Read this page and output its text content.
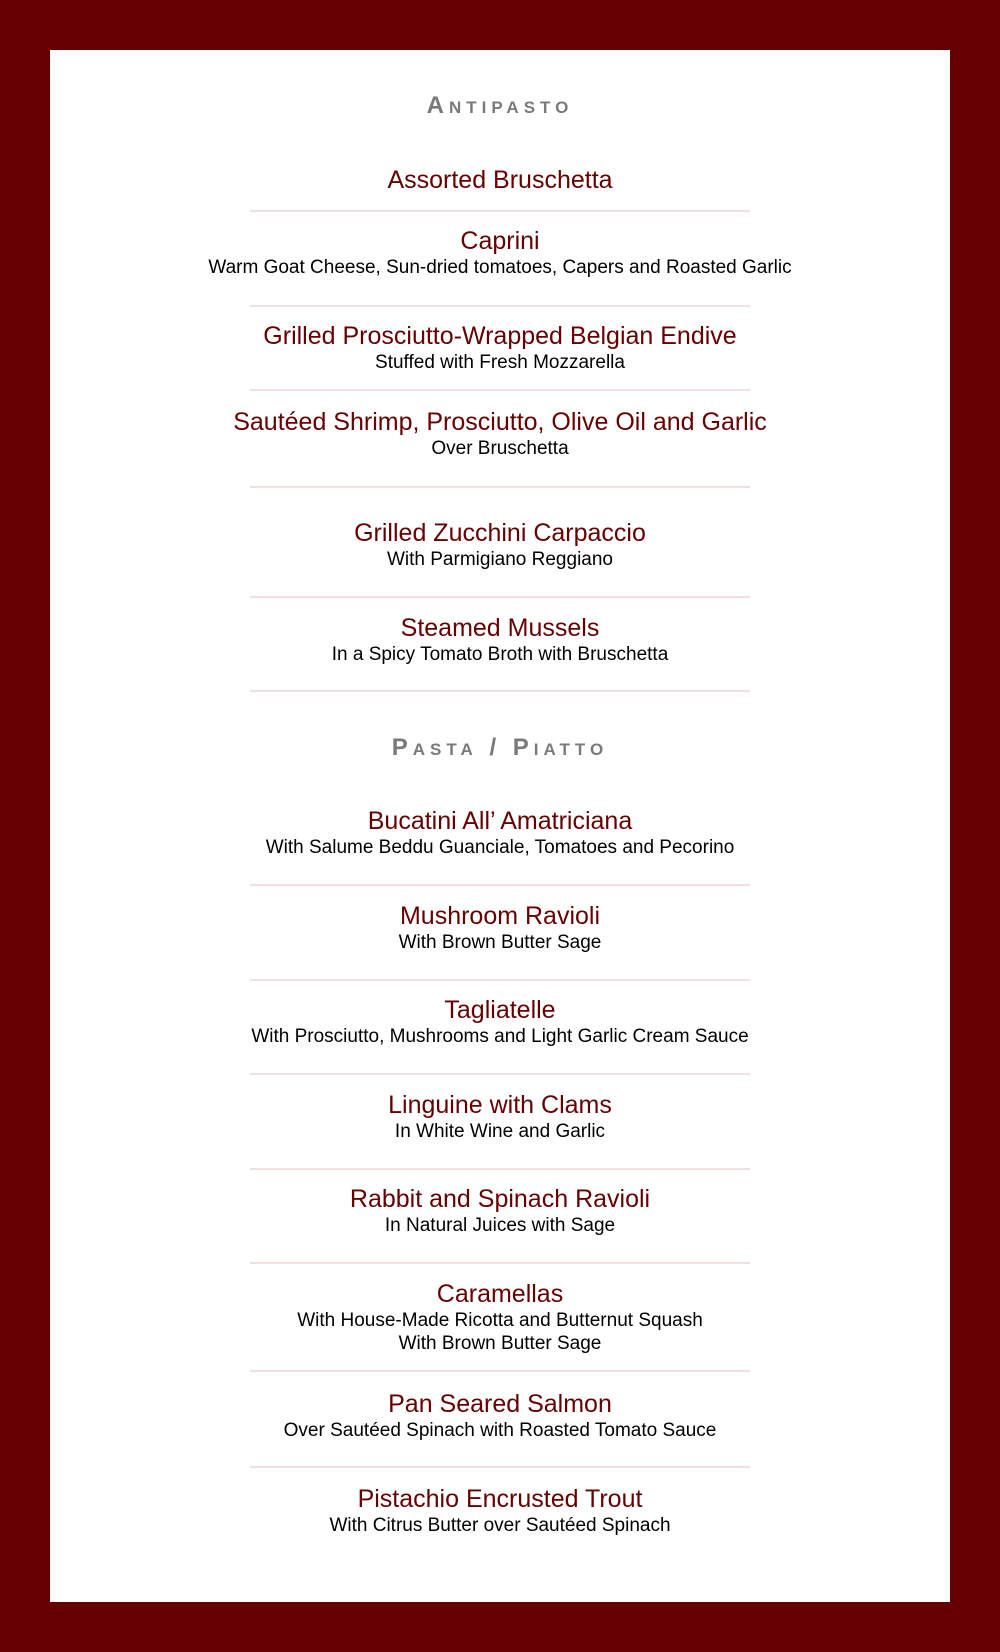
Antipasto
Assorted Bruschetta
Caprini
Warm Goat Cheese, Sun-dried tomatoes, Capers and Roasted Garlic
Grilled Prosciutto-Wrapped Belgian Endive
Stuffed with Fresh Mozzarella
Sautéed Shrimp, Prosciutto, Olive Oil and Garlic
Over Bruschetta
Grilled Zucchini Carpaccio
With Parmigiano Reggiano
Steamed Mussels
In a Spicy Tomato Broth with Bruschetta
Pasta / Piatto
Bucatini All’ Amatriciana
With Salume Beddu Guanciale, Tomatoes and Pecorino
Mushroom Ravioli
With Brown Butter Sage
Tagliatelle
With Prosciutto, Mushrooms and Light Garlic Cream Sauce
Linguine with Clams
In White Wine and Garlic
Rabbit and Spinach Ravioli
In Natural Juices with Sage
Caramellas
With House-Made Ricotta and Butternut Squash
With Brown Butter Sage
Pan Seared Salmon
Over Sautéed Spinach with Roasted Tomato Sauce
Pistachio Encrusted Trout
With Citrus Butter over Sautéed Spinach
